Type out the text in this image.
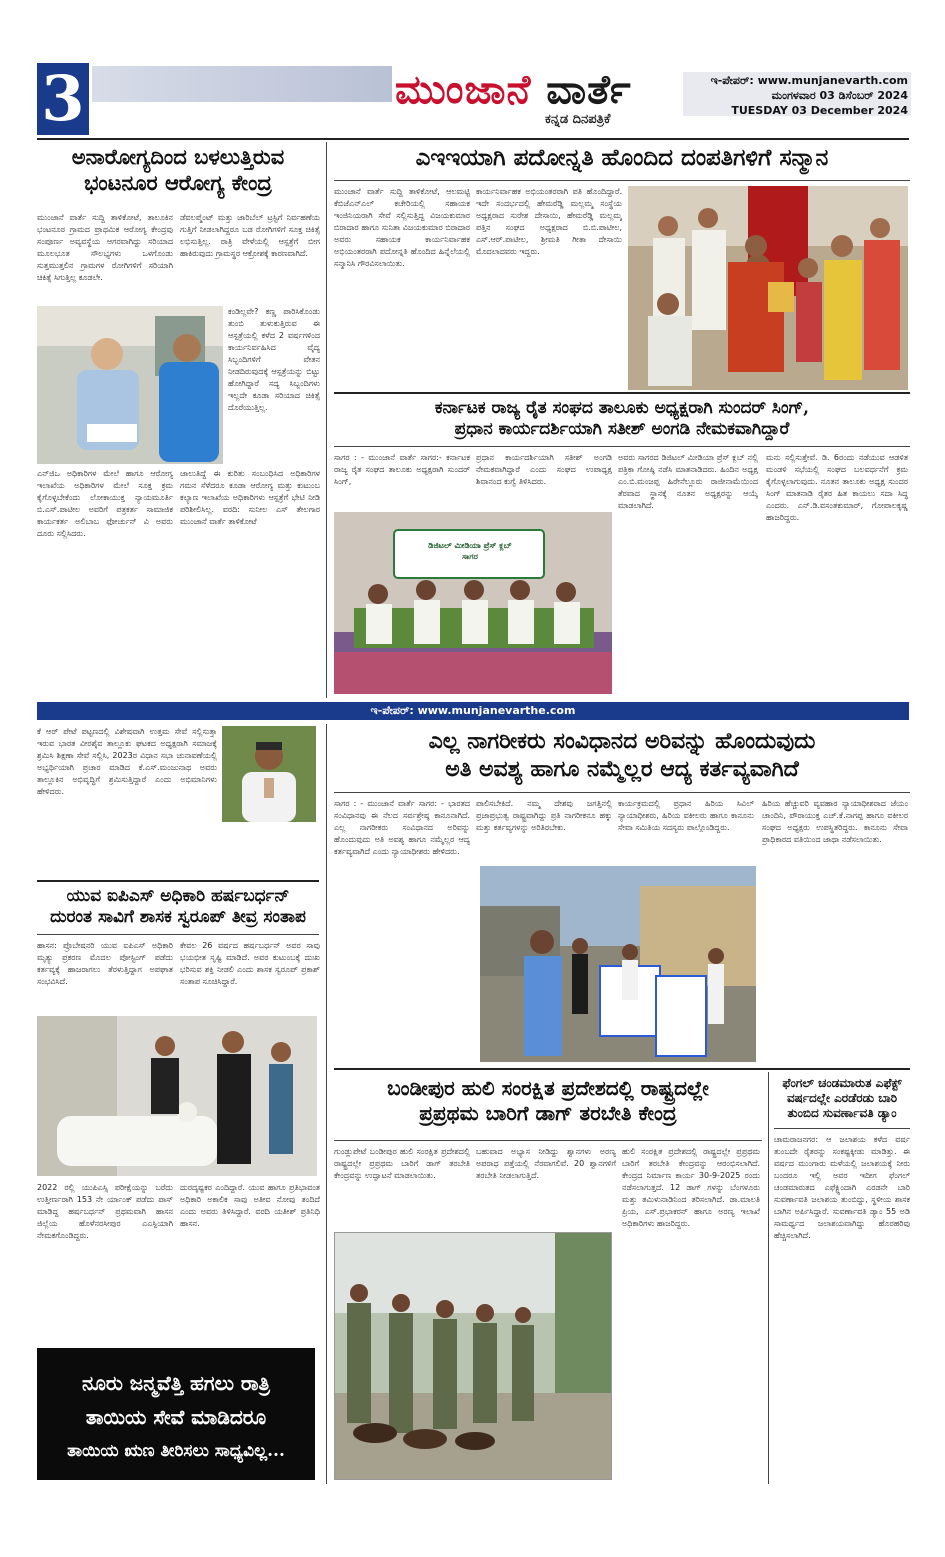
3	ಮುಂಜಾನೆ ವಾರ್ತೆ
ಕನ್ನಡ ದಿನಪತ್ರಿಕೆ
ಇ-ಪೇಪರ್: www.munjanevarth.com
ಮಂಗಳವಾರ 03 ಡಿಸೆಂಬರ್ 2024
TUESDAY 03 December 2024
ಅನಾರೋಗ್ಯದಿಂದ ಬಳಲುತ್ತಿರುವ
ಭಂಟನೂರ ಆರೋಗ್ಯ ಕೇಂದ್ರ
ಮುಂಜಾನೆ ವಾರ್ತೆ ಸುದ್ದಿ ತಾಳಿಕೋಟೆ, ತಾಲೂಕಿನ ಭಂಟನೂರ ಗ್ರಾಮದ ಪ್ರಾಥಮಿಕ ಆರೋಗ್ಯ ಕೇಂದ್ರವು ಸಂಪೂರ್ಣ ಅವ್ಯವಸ್ಥೆಯ ಆಗರವಾಗಿದ್ದು ಸರಿಯಾದ ಮೂಲಭೂತ ಸೌಲಭ್ಯಗಳು ಒಳಗೊಂಡು ಸುತ್ತಮುತ್ತಲಿನ ಗ್ರಾಮಗಳ ರೋಗಿಗಳಿಗೆ ಸರಿಯಾಗಿ ಚಿಕಿತ್ಸೆ ಸಿಗುತ್ತಿಲ್ಲ ಕೂಡಲೇ.
ಡೆವಲಪ್ಮೆಂಟ್ ಮತ್ತು ಜಾರಿಬೆಲ್ ಟ್ರಸ್ಟಿಗೆ ನಿರ್ವಹಣೆಯ ಗುತ್ತಿಗೆ ನೀಡಲಾಗಿದ್ದರೂ ಬಡ ರೋಗಿಗಳಿಗೆ ಸೂಕ್ತ ಚಿಕಿತ್ಸೆ ಲಭಿಸುತ್ತಿಲ್ಲ. ರಾತ್ರಿ ವೇಳೆಯಲ್ಲಿ ಆಸ್ಪತ್ರೆಗೆ ಬೀಗ ಹಾಕಿರುವುದು ಗ್ರಾಮಸ್ಥರ ಆಕ್ರೋಶಕ್ಕೆ ಕಾರಣವಾಗಿದೆ.
ಕಂಡಿಲ್ಲವೇ? ಕಣ್ಣ ಪಾರಿಸಿಕೊಂಡು ತುಂಬಿ ತುಳುಕುತ್ತಿರುವ ಈ ಆಸ್ಪತ್ರೆಯಲ್ಲಿ ಕಳೆದ 2 ವರ್ಷಗಳಿಂದ ಕಾರ್ಯನಿರ್ವಹಿಸಿದ ವೈದ್ಯ ಸಿಬ್ಬಂದಿಗಳಿಗೆ ವೇತನ ನೀಡದಿರುವುದಕ್ಕೆ ಆಸ್ಪತ್ರೆಯನ್ನು ಬಿಟ್ಟು ಹೋಗಿದ್ದಾರೆ ಸದ್ಯ ಸಿಬ್ಬಂದಿಗಳು ಇಲ್ಲದೇ ಕೂಡಾ ಸರಿಯಾದ ಚಿಕಿತ್ಸೆ ದೊರೆಯುತ್ತಿಲ್ಲ.
ಎನ್‌ಜಿಒ ಅಧಿಕಾರಿಗಳ ಮೇಲೆ ಹಾಗೂ ಆರೋಗ್ಯ ಇಲಾಖೆಯ ಅಧಿಕಾರಿಗಳ ಮೇಲೆ ಸೂಕ್ತ ಕ್ರಮ ಕೈಗೊಳ್ಳಬೇಕೆಂದು ಲೋಕಾಯುಕ್ತ ನ್ಯಾಯಮೂರ್ತಿ ಬಿ.ಎಸ್.ಪಾಟೀಲ ಅವರಿಗೆ ಪತ್ರಕರ್ತ ಸಾಮಾಜಿಕ ಕಾರ್ಯಕರ್ತ ಅಲಿಬಾಬ ಫೋರ್ಚುನ್ ವಿ ಅವರು ದೂರು ಸಲ್ಲಿಸಿದರು.
ಜಾಲುತಿದ್ದೆ ಈ ಕುರಿತು ಸಂಬಂಧಿಸಿದ ಅಧಿಕಾರಿಗಳ ಗಮನ ಸೆಳೆದರೂ ಕೂಡಾ ಆರೋಗ್ಯ ಮತ್ತು ಕುಟುಂಬ ಕಲ್ಯಾಣ ಇಲಾಖೆಯ ಅಧಿಕಾರಿಗಳು ಆಸ್ಪತ್ರೆಗೆ ಭೇಟಿ ನೀಡಿ ಪರಿಶೀಲಿಸಿಲ್ಲ. ವರದಿ: ಸುನೀಲ ಎಸ್ ತೇಲಗಾರ ಮುಂಜಾನೆ ವಾರ್ತೆ ತಾಳಿಕೋಟೆ
ಎಇಇಯಾಗಿ ಪದೋನ್ನತಿ ಹೊಂದಿದ ದಂಪತಿಗಳಿಗೆ ಸನ್ಮಾನ
ಮುಂಜಾನೆ ವಾರ್ತೆ ಸುದ್ದಿ ತಾಳಿಕೋಟೆ, ಆಲಮಟ್ಟಿ ಕೆಬಿಜೆಎನ್ಎಲ್ ಕಚೇರಿಯಲ್ಲಿ ಸಹಾಯಕ ಇಂಜಿನಿಯರಾಗಿ ಸೇವೆ ಸಲ್ಲಿಸುತ್ತಿದ್ದ ವಿಜಯಕುಮಾರ ಬಿರಾದಾರ ಹಾಗೂ ಸುನಿತಾ ವಿಜಯಕುಮಾರ ಬಿರಾದಾರ ಅವರು ಸಹಾಯಕ ಕಾರ್ಯನಿರ್ವಾಹಕ ಅಭಿಯಂತರರಾಗಿ ಪದೋನ್ನತಿ ಹೊಂದಿದ ಹಿನ್ನೆಲೆಯಲ್ಲಿ ಸನ್ಮಾನಿಸಿ ಗೌರವಿಸಲಾಯಿತು.
ಕಾರ್ಯನಿರ್ವಾಹಕ ಅಭಿಯಂತರರಾಗಿ ಪತಿ ಹೊಂದಿದ್ದಾರೆ. ಇದೇ ಸಂದರ್ಭದಲ್ಲಿ ಹೇಮರೆಡ್ಡಿ ಮಲ್ಲಮ್ಮ ಸಂಸ್ಥೆಯ ಅಧ್ಯಕ್ಷರಾದ ಸುರೇಶ ದೇಸಾಯಿ, ಹೇಮರೆಡ್ಡಿ ಮಲ್ಲಮ್ಮ ಪತ್ತಿನ ಸಂಘದ ಅಧ್ಯಕ್ಷರಾದ ಬಿ.ಬಿ.ಪಾಟೀಲ, ಎಸ್.ಆರ್.ಪಾಟೀಲ, ಶ್ರೀಮತಿ ಗೀತಾ ದೇಸಾಯಿ ಮೊದಲಾದವರು ಇದ್ದರು.
ಕರ್ನಾಟಕ ರಾಜ್ಯ ರೈತ ಸಂಘದ ತಾಲೂಕು ಅಧ್ಯಕ್ಷರಾಗಿ ಸುಂದರ್ ಸಿಂಗ್,
ಪ್ರಧಾನ ಕಾರ್ಯದರ್ಶಿಯಾಗಿ ಸತೀಶ್ ಅಂಗಡಿ ನೇಮಕವಾಗಿದ್ದಾರೆ
ಸಾಗರ : - ಮುಂಜಾನೆ ವಾರ್ತೆ ಸಾಗರ:- ಕರ್ನಾಟಕ ರಾಜ್ಯ ರೈತ ಸಂಘದ ತಾಲೂಕು ಅಧ್ಯಕ್ಷರಾಗಿ ಸುಂದರ್ ಸಿಂಗ್,
ಪ್ರಧಾನ ಕಾರ್ಯದರ್ಶಿಯಾಗಿ ಸತೀಶ್ ಅಂಗಡಿ ನೇಮಕವಾಗಿದ್ದಾರೆ ಎಂದು ಸಂಘದ ಉಪಾಧ್ಯಕ್ಷ ಶಿವಾನಂದ ಕುಗ್ವೆ ತಿಳಿಸಿದರು.
ಡಿಜಿಟಲ್ ಮೀಡಿಯಾ ಪ್ರೆಸ್ ಕ್ಲಬ್ ಸಾಗರ
ಅವರು ಸಾಗರದ ಡಿಜಿಟಲ್ ಮೀಡಿಯಾ ಪ್ರೆಸ್ ಕ್ಲಬ್ ನಲ್ಲಿ ಪತ್ರಿಕಾ ಗೋಷ್ಠಿ ನಡೆಸಿ ಮಾತನಾಡಿದರು. ಹಿಂದಿನ ಅಧ್ಯಕ್ಷ ಎಂ.ಬಿ.ಮಂಜಪ್ಪ ಹಿರೇನೆಲ್ಲೂರು ರಾಜೀನಾಮೆಯಿಂದ ತೆರವಾದ ಸ್ಥಾನಕ್ಕೆ ನೂತನ ಅಧ್ಯಕ್ಷರನ್ನು ಆಯ್ಕೆ ಮಾಡಲಾಗಿದೆ.
ಮನು ಸಲ್ಲಿಸುತ್ತೇವೆ. ಡಿ. 6ರಂದು ನಡೆಯುವ ಆಡಳಿತ ಮಂಡಳಿ ಸಭೆಯಲ್ಲಿ ಸಂಘದ ಬಲವರ್ಧನೆಗೆ ಕ್ರಮ ಕೈಗೊಳ್ಳಲಾಗುವುದು. ನೂತನ ತಾಲೂಕು ಅಧ್ಯಕ್ಷ ಸುಂದರ ಸಿಂಗ್ ಮಾತನಾಡಿ ರೈತರ ಹಿತ ಕಾಯಲು ಸದಾ ಸಿದ್ಧ ಎಂದರು. ಎನ್.ಡಿ.ವಸಂತಕುಮಾರ್, ಗೋಪಾಲಕೃಷ್ಣ ಹಾಜರಿದ್ದರು.
ಇ-ಪೇಪರ್: www.munjanevarthe.com
ಕೆ ಆರ್ ಪೇಟೆ ಪಟ್ಟಣದಲ್ಲಿ ವಿಶೇಷವಾಗಿ ಉತ್ತಮ ಸೇವೆ ಸಲ್ಲಿಸುತ್ತಾ ಇರುವ ಭಾರತ ವೀರಶೈವ ತಾಲ್ಲೂಕು ಘಟಕದ ಅಧ್ಯಕ್ಷರಾಗಿ ಸಮಾಜಕ್ಕೆ ಶ್ರಮಿಸಿ ಶಿಕ್ಷಣಾ ಸೇವೆ ಸಲ್ಲಿಸಿ, 2023ರ ವಿಧಾನ ಸಭಾ ಚುನಾವಣೆಯಲ್ಲಿ ಅಭ್ಯರ್ಥಿಯಾಗಿ ಪ್ರಚಾರ ಮಾಡಿದ ಕೆ.ಎಸ್.ಮಂಜುನಾಥ ಅವರು ತಾಲ್ಲೂಕಿನ ಅಭಿವೃದ್ಧಿಗೆ ಶ್ರಮಿಸುತ್ತಿದ್ದಾರೆ ಎಂದು ಅಭಿಮಾನಿಗಳು ಹೇಳಿದರು.
ಯುವ ಐಪಿಎಸ್ ಅಧಿಕಾರಿ ಹರ್ಷಬರ್ಧನ್
ದುರಂತ ಸಾವಿಗೆ ಶಾಸಕ ಸ್ವರೂಪ್ ತೀವ್ರ ಸಂತಾಪ
ಹಾಸನ: ಪ್ರೊಬೇಷನರಿ ಯುವ ಐಪಿಎಸ್ ಅಧಿಕಾರಿ ಮೃತ್ಯು ಪ್ರಕರಣ ಮೊದಲ ಪೋಸ್ಟಿಂಗ್ ಪಡೆದು ಕರ್ತವ್ಯಕ್ಕೆ ಹಾಜರಾಗಲು ತೆರಳುತ್ತಿದ್ದಾಗ ಅಪಘಾತ ಸಂಭವಿಸಿದೆ.
ಕೇವಲ 26 ವರ್ಷದ ಹರ್ಷಬರ್ಧನ್ ಅವರ ಸಾವು ಭಯಭೀತ ಸೃಷ್ಟಿ ಮಾಡಿದೆ. ಅವರ ಕುಟುಂಬಕ್ಕೆ ದುಃಖ ಭರಿಸುವ ಶಕ್ತಿ ನೀಡಲಿ ಎಂದು ಶಾಸಕ ಸ್ವರೂಪ್ ಪ್ರಕಾಶ್ ಸಂತಾಪ ಸೂಚಿಸಿದ್ದಾರೆ.
2022 ರಲ್ಲಿ ಯುಪಿಎಸ್ಸಿ ಪರೀಕ್ಷೆಯನ್ನು ಬರೆದು ಉತ್ತೀರ್ಣರಾಗಿ 153 ನೇ ರ್ಯಾಂಕ್ ಪಡೆದು ಪಾಸ್ ಮಾಡಿದ್ದ ಹರ್ಷಬರ್ಧನ್ ಪ್ರಥಮವಾಗಿ ಹಾಸನ ಜಿಲ್ಲೆಯ ಹೊಳೆನರಸೀಪುರ ಎಎಸ್ಪಿಯಾಗಿ ನೇಮಕಗೊಂಡಿದ್ದರು.
ದುರದೃಷ್ಟಕರ ಎಂದಿದ್ದಾರೆ. ಯುವ ಹಾಗೂ ಪ್ರತಿಭಾವಂತ ಅಧಿಕಾರಿ ಅಕಾಲಿಕ ಸಾವು ಅತೀವ ನೋವು ತಂದಿದೆ ಎಂದು ಅವರು ತಿಳಿಸಿದ್ದಾರೆ. ವರದಿ ಯತೀಶ್ ಪ್ರತಿನಿಧಿ ಹಾಸನ.
ನೂರು ಜನ್ಮವೆತ್ತಿ ಹಗಲು ರಾತ್ರಿ
ತಾಯಿಯ ಸೇವೆ ಮಾಡಿದರೂ
ತಾಯಿಯ ಋಣ ತೀರಿಸಲು ಸಾಧ್ಯವಿಲ್ಲ...
ಎಲ್ಲ ನಾಗರೀಕರು ಸಂವಿಧಾನದ ಅರಿವನ್ನು ಹೊಂದುವುದು
ಅತಿ ಅವಶ್ಯ ಹಾಗೂ ನಮ್ಮೆಲ್ಲರ ಆದ್ಯ ಕರ್ತವ್ಯವಾಗಿದೆ
ಸಾಗರ : - ಮುಂಜಾನೆ ವಾರ್ತೆ ಸಾಗರ: - ಭಾರತದ ಸಂವಿಧಾನವು ಈ ನೆಲದ ಸರ್ವಶ್ರೇಷ್ಠ ಕಾನೂನಾಗಿದೆ. ಎಲ್ಲ ನಾಗರೀಕರು ಸಂವಿಧಾನದ ಅರಿವನ್ನು ಹೊಂದುವುದು ಅತಿ ಅವಶ್ಯ ಹಾಗೂ ನಮ್ಮೆಲ್ಲರ ಆದ್ಯ ಕರ್ತವ್ಯವಾಗಿದೆ ಎಂದು ನ್ಯಾಯಾಧೀಶರು ಹೇಳಿದರು.
ಪಾಲಿಸಬೇಕಿದೆ. ನಮ್ಮ ದೇಶವು ಜಗತ್ತಿನಲ್ಲಿ ಪ್ರಜಾಪ್ರಭುತ್ವ ರಾಷ್ಟ್ರವಾಗಿದ್ದು ಪ್ರತಿ ನಾಗರೀಕನೂ ಹಕ್ಕು ಮತ್ತು ಕರ್ತವ್ಯಗಳನ್ನು ಅರಿತಿರಬೇಕು.
ಕಾರ್ಯಕ್ರಮದಲ್ಲಿ ಪ್ರಧಾನ ಹಿರಿಯ ಸಿವಿಲ್ ನ್ಯಾಯಾಧೀಶರು, ಹಿರಿಯ ವಕೀಲರು ಹಾಗೂ ಕಾನೂನು ಸೇವಾ ಸಮಿತಿಯ ಸದಸ್ಯರು ಪಾಲ್ಗೊಂಡಿದ್ದರು.
ಹಿರಿಯ ಹೆಚ್ಚುವರಿ ವ್ಯವಹಾರ ನ್ಯಾಯಾಧೀಶರಾದ ಜೆಯಂ ಚಾಂದಿನಿ, ಪೌರಾಯುಕ್ತ ಎಚ್.ಕೆ.ನಾಗಪ್ಪ ಹಾಗೂ ವಕೀಲರ ಸಂಘದ ಅಧ್ಯಕ್ಷರು ಉಪಸ್ಥಿತರಿದ್ದರು. ಕಾನೂನು ಸೇವಾ ಪ್ರಾಧಿಕಾರದ ವತಿಯಿಂದ ಜಾಥಾ ನಡೆಸಲಾಯಿತು.
ಬಂಡೀಪುರ ಹುಲಿ ಸಂರಕ್ಷಿತ ಪ್ರದೇಶದಲ್ಲಿ ರಾಷ್ಟ್ರದಲ್ಲೇ
ಪ್ರಪ್ರಥಮ ಬಾರಿಗೆ ಡಾಗ್ ತರಬೇತಿ ಕೇಂದ್ರ
ಗುಂಡ್ಲುಪೇಟೆ ಬಂಡೀಪುರ ಹುಲಿ ಸಂರಕ್ಷಿತ ಪ್ರದೇಶದಲ್ಲಿ ರಾಷ್ಟ್ರದಲ್ಲೇ ಪ್ರಪ್ರಥಮ ಬಾರಿಗೆ ಡಾಗ್ ತರಬೇತಿ ಕೇಂದ್ರವನ್ನು ಉದ್ಘಾಟನೆ ಮಾಡಲಾಯಿತು.
ಬಹುವಾದ ಅಭ್ಯಾಸ ನೀಡಿದ್ದು ಶ್ವಾನಗಳು ಅರಣ್ಯ ಅಪರಾಧ ಪತ್ತೆಯಲ್ಲಿ ನೆರವಾಗಲಿವೆ. 20 ಶ್ವಾನಗಳಿಗೆ ತರಬೇತಿ ನೀಡಲಾಗುತ್ತಿದೆ.
ಹುಲಿ ಸಂರಕ್ಷಿತ ಪ್ರದೇಶದಲ್ಲಿ ರಾಷ್ಟ್ರದಲ್ಲೇ ಪ್ರಪ್ರಥಮ ಬಾರಿಗೆ ತರಬೇತಿ ಕೇಂದ್ರವನ್ನು ಆರಂಭಿಸಲಾಗಿದೆ. ಕೇಂದ್ರದ ನಿರ್ಮಾಣ ಕಾರ್ಯ 30-9-2025 ರಂದು ನಡೆಸಲಾಗುತ್ತದೆ. 12 ಡಾಗ್ ಗಳನ್ನು ಬೆಂಗಳೂರು ಮತ್ತು ತಮಿಳುನಾಡಿನಿಂದ ತರಿಸಲಾಗಿದೆ. ಡಾ.ಮಾಲತಿ ಪ್ರಿಯ, ಎಸ್.ಪ್ರಭಾಕರನ್ ಹಾಗೂ ಅರಣ್ಯ ಇಲಾಖೆ ಅಧಿಕಾರಿಗಳು ಹಾಜರಿದ್ದರು.
ಫೆಂಗಲ್ ಚಂಡಮಾರುತ ಎಫೆಕ್ಟ್
ವರ್ಷದಲ್ಲೇ ಎರಡೆರಡು ಬಾರಿ
ತುಂಬಿದ ಸುವರ್ಣಾವತಿ ಡ್ಯಾಂ
ಚಾಮರಾಜನಗರ: ಆ ಜಲಾಶಯ ಕಳೆದ ವರ್ಷ ತುಂಬದೇ ರೈತರನ್ನು ಸಂಕಷ್ಟಕ್ಕೀಡು ಮಾಡಿತ್ತು. ಈ ವರ್ಷದ ಮುಂಗಾರು ಮಳೆಯಲ್ಲಿ ಜಲಾಶಯಕ್ಕೆ ನೀರು ಬಂದರೂ ಇಲ್ಲಿ ಅವರ ಇದೀಗ ಫೆಂಗಲ್ ಚಂಡಮಾರುತದ ಎಫೆಕ್ಟ್ನಿಂದಾಗಿ ಎರಡನೇ ಬಾರಿ ಸುವರ್ಣಾವತಿ ಜಲಾಶಯ ತುಂಬಿದ್ದು, ಸ್ಥಳೀಯ ಶಾಸಕ ಬಾಗಿನ ಅರ್ಪಿಸಿದ್ದಾರೆ. ಸುವರ್ಣಾವತಿ ಡ್ಯಾಂ 55 ಅಡಿ ಸಾಮರ್ಥ್ಯದ ಜಲಾಶಯವಾಗಿದ್ದು ಹೊರಹರಿವು ಹೆಚ್ಚಿಸಲಾಗಿದೆ.
